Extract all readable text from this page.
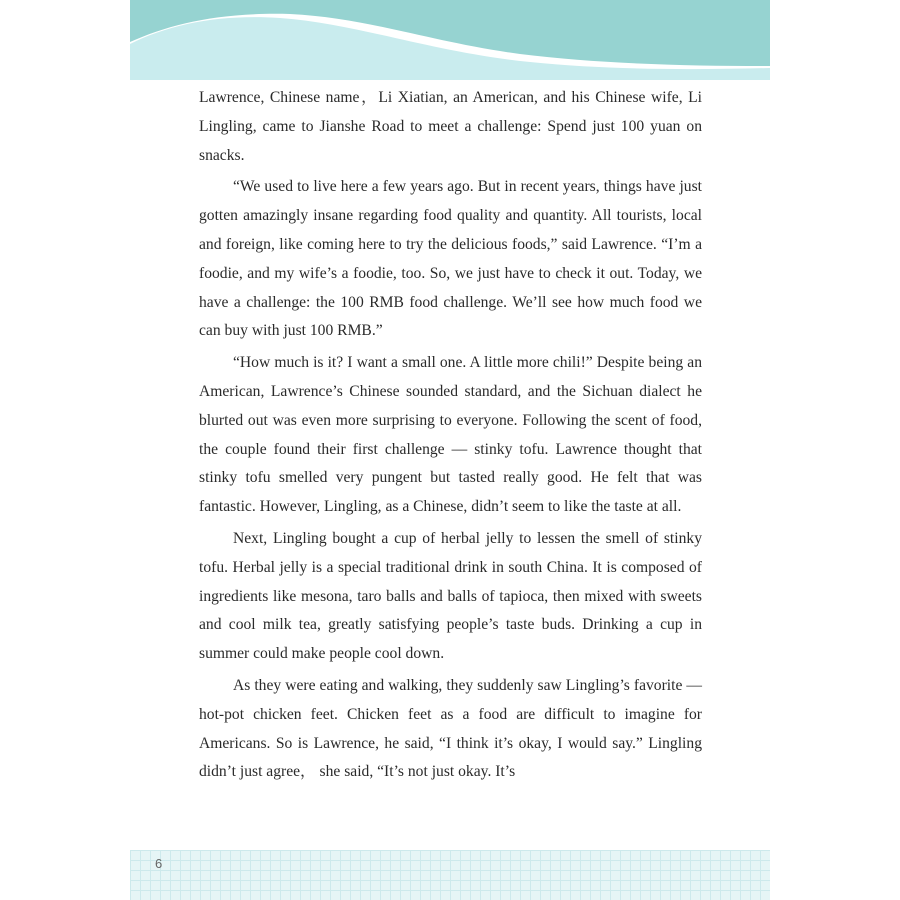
Lawrence, Chinese name，Li Xiatian, an American, and his Chinese wife, Li Lingling, came to Jianshe Road to meet a challenge: Spend just 100 yuan on snacks.

“We used to live here a few years ago. But in recent years, things have just gotten amazingly insane regarding food quality and quantity. All tourists, local and foreign, like coming here to try the delicious foods,” said Lawrence. “I’m a foodie, and my wife’s a foodie, too. So, we just have to check it out. Today, we have a challenge: the 100 RMB food challenge. We’ll see how much food we can buy with just 100 RMB.”

“How much is it? I want a small one. A little more chili!” Despite being an American, Lawrence’s Chinese sounded standard, and the Sichuan dialect he blurted out was even more surprising to everyone. Following the scent of food, the couple found their first challenge — stinky tofu. Lawrence thought that stinky tofu smelled very pungent but tasted really good. He felt that was fantastic. However, Lingling, as a Chinese, didn’t seem to like the taste at all.

Next, Lingling bought a cup of herbal jelly to lessen the smell of stinky tofu. Herbal jelly is a special traditional drink in south China. It is composed of ingredients like mesona, taro balls and balls of tapioca, then mixed with sweets and cool milk tea, greatly satisfying people’s taste buds. Drinking a cup in summer could make people cool down.

As they were eating and walking, they suddenly saw Lingling’s favorite — hot-pot chicken feet. Chicken feet as a food are difficult to imagine for Americans. So is Lawrence, he said, “I think it’s okay, I would say.” Lingling didn’t just agree， she said, “It’s not just okay. It’s

6
